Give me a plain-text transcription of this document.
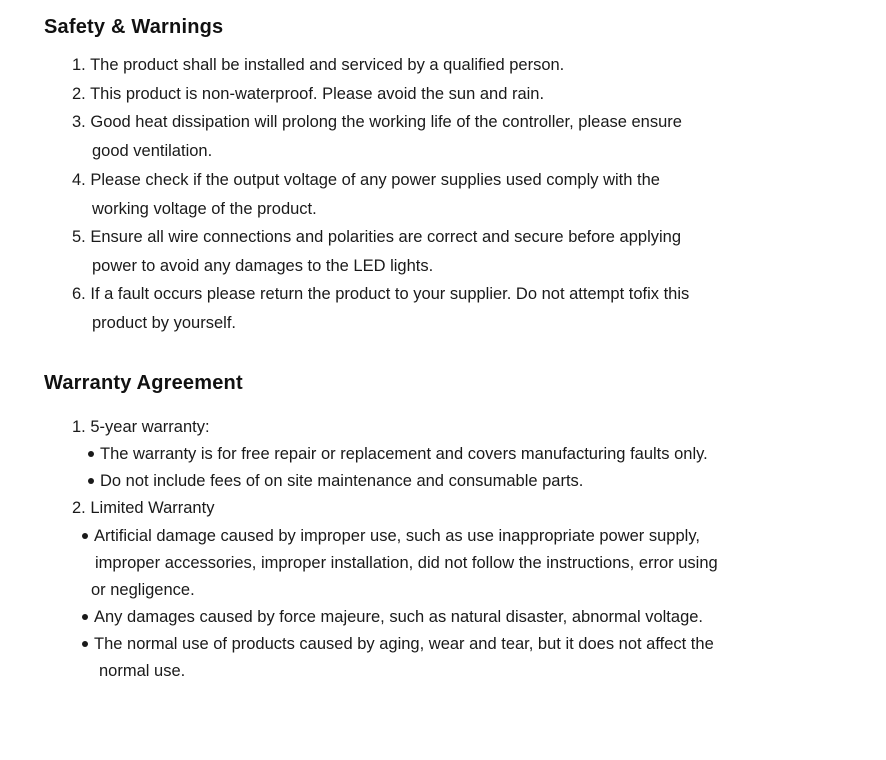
Safety & Warnings

1. The product shall be installed and serviced by a qualified person.

2. This product is non-waterproof. Please avoid the sun and rain.

3. Good heat dissipation will prolong the working life of the controller, please ensure

good ventilation.

4. Please check if the output voltage of any power supplies used comply with the

working voltage of the product.

5. Ensure all wire connections and polarities are correct and secure before applying

power to avoid any damages to the LED lights.

6. If a fault occurs please return the product to your supplier. Do not attempt tofix this

product by yourself.

Warranty Agreement

1. 5-year warranty:

The warranty is for free repair or replacement and covers manufacturing faults only.

Do not include fees of on site maintenance and consumable parts.

2. Limited Warranty

Artificial damage caused by improper use, such as use inappropriate power supply,

improper accessories, improper installation, did not follow the instructions, error using

or negligence.

Any damages caused by force majeure, such as natural disaster, abnormal voltage.

The normal use of products caused by aging, wear and tear, but it does not affect the

normal use.
